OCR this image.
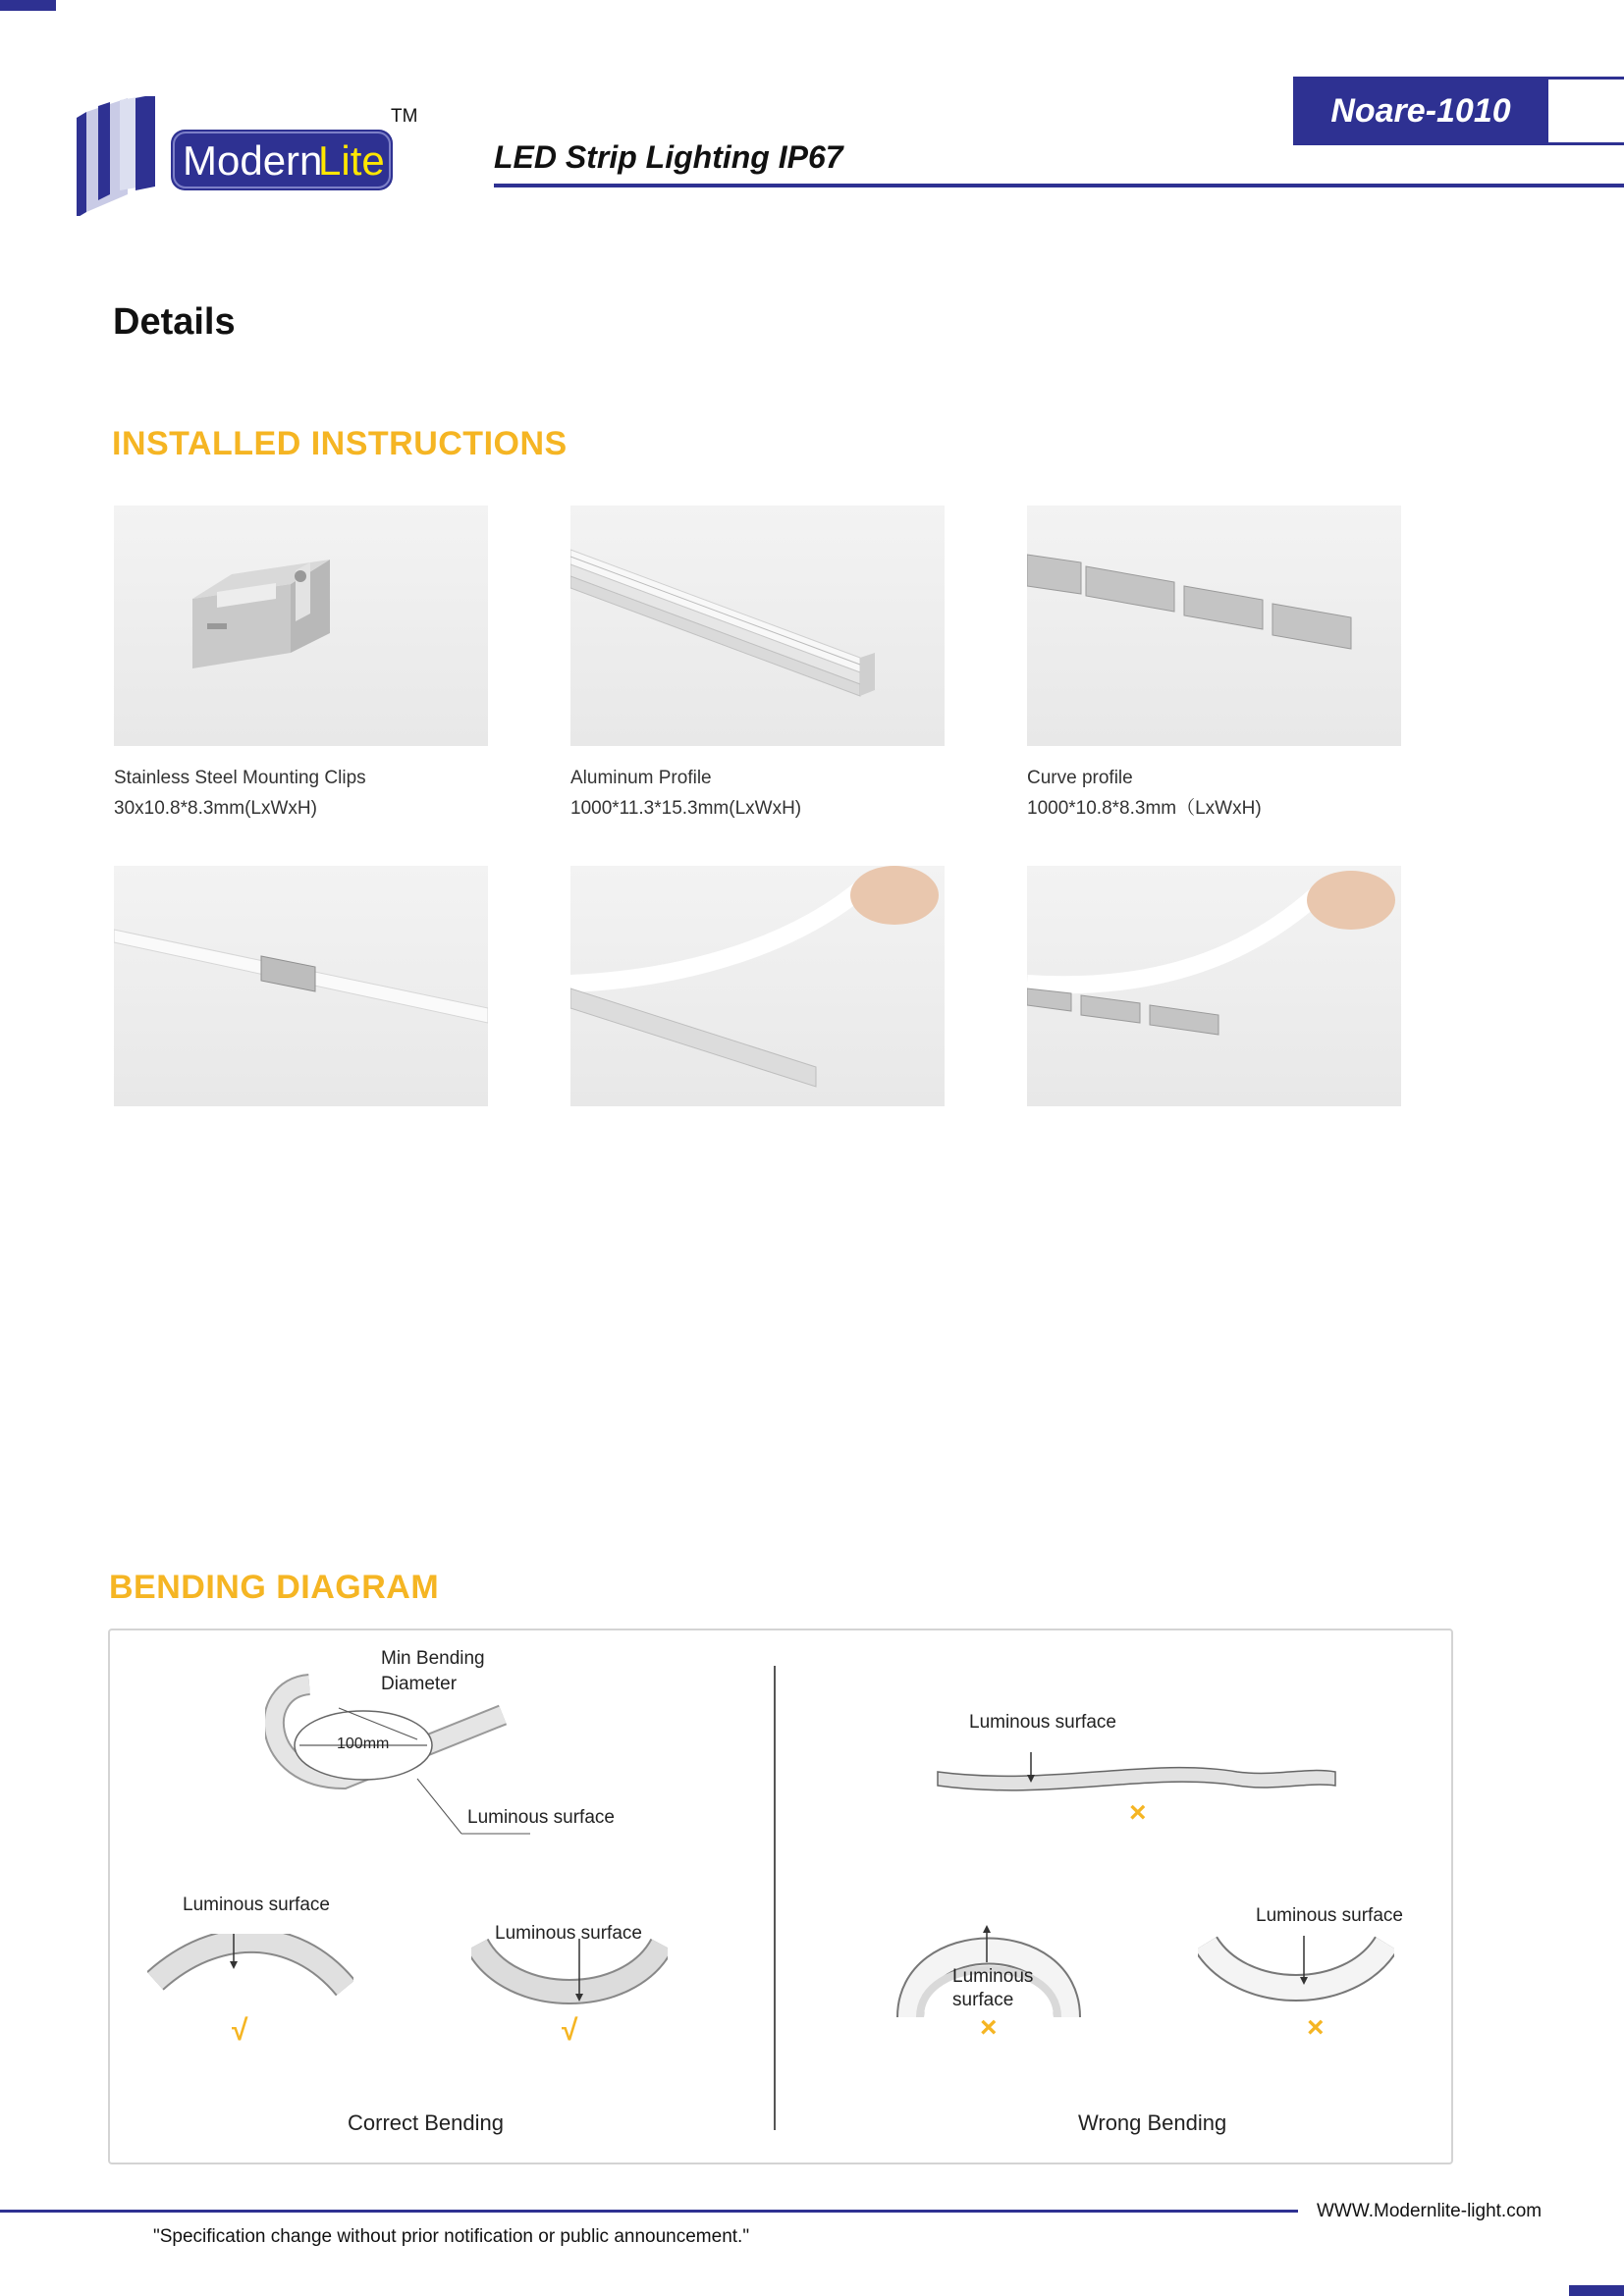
Modern
Lite
TM
LED Strip Lighting IP67
Noare-1010
Details
INSTALLED INSTRUCTIONS
Stainless Steel Mounting Clips
30x10.8*8.3mm(LxWxH)
Aluminum Profile
1000*11.3*15.3mm(LxWxH)
Curve profile
1000*10.8*8.3mm（LxWxH)
BENDING DIAGRAM
Min Bending
Diameter
100mm
Luminous surface
Luminous surface
√
Luminous surface
√
Correct Bending
Luminous surface
×
Luminous
surface
×
Luminous surface
×
Wrong Bending
WWW.Modernlite-light.com
"Specification change without prior notification or public announcement."
